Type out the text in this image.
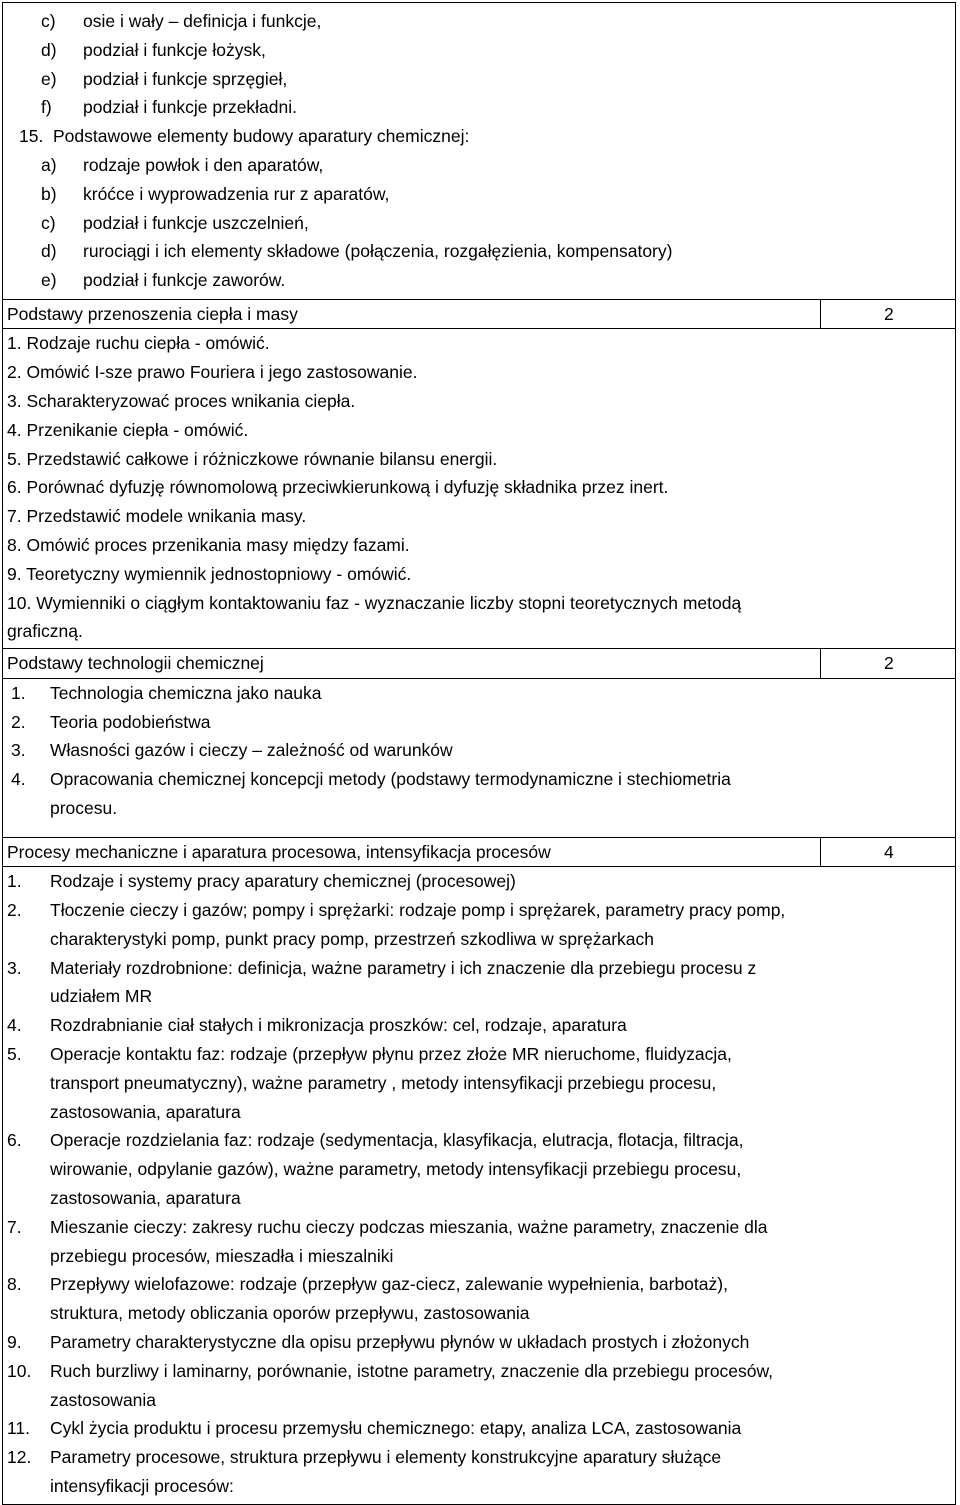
c) osie i wały – definicja i funkcje,
d) podział i funkcje łożysk,
e) podział i funkcje sprzęgieł,
f) podział i funkcje przekładni.
15. Podstawowe elementy budowy aparatury chemicznej:
a) rodzaje powłok i den aparatów,
b) króćce i wyprowadzenia rur z aparatów,
c) podział i funkcje uszczelnień,
d) rurociągi i ich elementy składowe (połączenia, rozgałęzienia, kompensatory)
e) podział i funkcje zaworów.
Podstawy przenoszenia ciepła i masy	2
1. Rodzaje ruchu ciepła - omówić.
2. Omówić I-sze prawo Fouriera i jego zastosowanie.
3. Scharakteryzować proces wnikania ciepła.
4. Przenikanie ciepła - omówić.
5. Przedstawić całkowe i różniczkowe równanie bilansu energii.
6. Porównać dyfuzję równomolową przeciwkierunkową i dyfuzję składnika przez inert.
7. Przedstawić modele wnikania masy.
8. Omówić proces przenikania masy między fazami.
9. Teoretyczny wymiennik jednostopniowy - omówić.
10. Wymienniki o ciągłym kontaktowaniu faz - wyznaczanie liczby stopni teoretycznych metodą
graficzną.
Podstawy technologii chemicznej	2
1.	Technologia chemiczna jako nauka
2.	Teoria podobieństwa
3.	Własności gazów i cieczy – zależność od warunków
4.	Opracowania chemicznej koncepcji metody (podstawy termodynamiczne i stechiometria
procesu.
Procesy mechaniczne i aparatura procesowa, intensyfikacja procesów	4
1.	Rodzaje i systemy pracy aparatury chemicznej (procesowej)
2.	Tłoczenie cieczy i gazów; pompy i sprężarki: rodzaje pomp i sprężarek, parametry pracy pomp,
charakterystyki pomp, punkt pracy pomp, przestrzeń szkodliwa w sprężarkach
3.	Materiały rozdrobnione: definicja, ważne parametry i ich znaczenie dla przebiegu procesu z
udziałem MR
4.	Rozdrabnianie ciał stałych i mikronizacja proszków: cel, rodzaje, aparatura
5.	Operacje kontaktu faz: rodzaje (przepływ płynu przez złoże MR nieruchome, fluidyzacja,
transport pneumatyczny), ważne parametry , metody intensyfikacji przebiegu procesu,
zastosowania, aparatura
6.	Operacje rozdzielania faz: rodzaje (sedymentacja, klasyfikacja, elutracja, flotacja, filtracja,
wirowanie, odpylanie gazów), ważne parametry, metody intensyfikacji przebiegu procesu,
zastosowania, aparatura
7.	Mieszanie cieczy: zakresy ruchu cieczy podczas mieszania, ważne parametry, znaczenie dla
przebiegu procesów, mieszadła i mieszalniki
8.	Przepływy wielofazowe: rodzaje (przepływ gaz-ciecz, zalewanie wypełnienia, barbotaż),
struktura, metody obliczania oporów przepływu, zastosowania
9.	Parametry charakterystyczne dla opisu przepływu płynów w układach prostych i złożonych
10.	Ruch burzliwy i laminarny, porównanie, istotne parametry, znaczenie dla przebiegu procesów,
zastosowania
11.	Cykl życia produktu i procesu przemysłu chemicznego: etapy, analiza LCA, zastosowania
12.	Parametry procesowe, struktura przepływu i elementy konstrukcyjne aparatury służące
intensyfikacji procesów:
